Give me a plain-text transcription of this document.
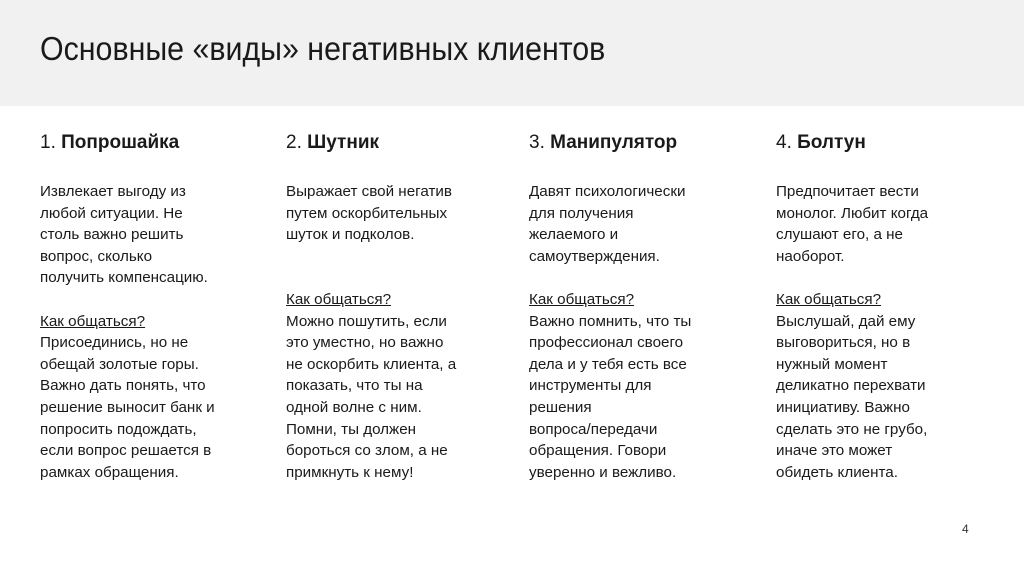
Основные «виды» негативных клиентов
1. Попрошайка

Извлекает выгоду из

любой ситуации. Не

столь важно решить

вопрос, сколько

получить компенсацию.

Как общаться?

Присоединись, но не

обещай золотые горы.

Важно дать понять, что

решение выносит банк и

попросить подождать,

если вопрос решается в

рамках обращения.

2. Шутник

Выражает свой негатив

путем оскорбительных

шуток и подколов.

Как общаться?

Можно пошутить, если

это уместно, но важно

не оскорбить клиента, а

показать, что ты на

одной волне с ним.

Помни, ты должен

бороться со злом, а не

примкнуть к нему!

3. Манипулятор

Давят психологически

для получения

желаемого и

самоутверждения.

Как общаться?

Важно помнить, что ты

профессионал своего

дела и у тебя есть все

инструменты для

решения

вопроса/передачи

обращения. Говори

уверенно и вежливо.

4. Болтун

Предпочитает вести

монолог. Любит когда

слушают его, а не

наоборот.

Как общаться?

Выслушай, дай ему

выговориться, но в

нужный момент

деликатно перехвати

инициативу. Важно

сделать это не грубо,

иначе это может

обидеть клиента.

4
